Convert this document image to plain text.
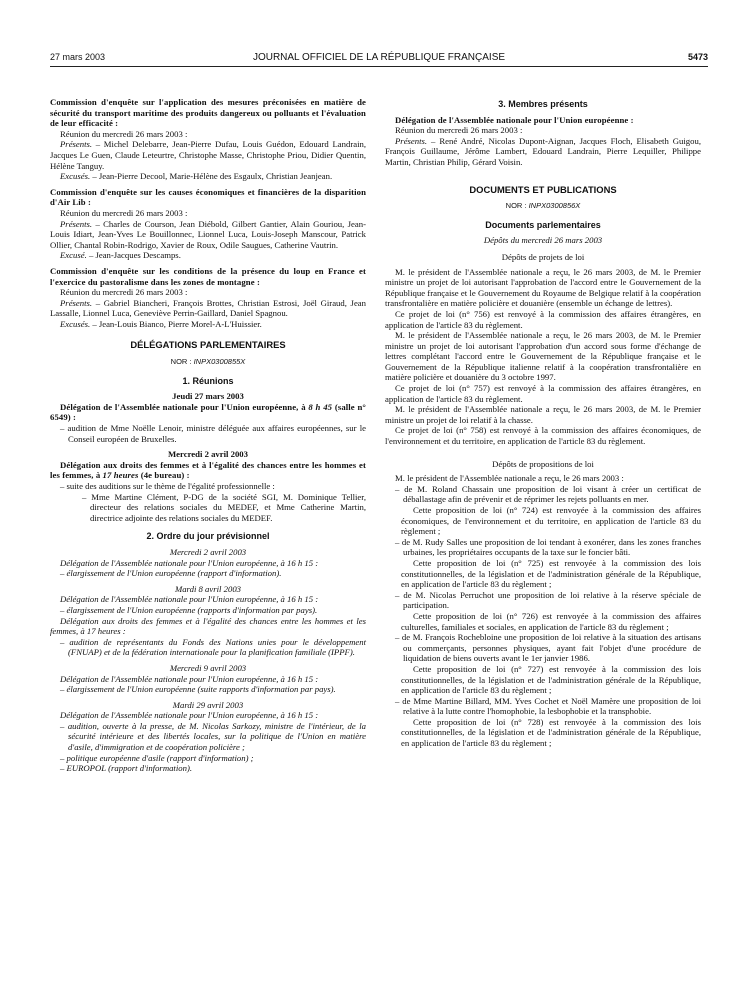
27 mars 2003	JOURNAL OFFICIEL DE LA RÉPUBLIQUE FRANÇAISE	5473

Commission d'enquête sur l'application des mesures préconisées en matière de sécurité du transport maritime des produits dangereux ou polluants et l'évaluation de leur efficacité :

Réunion du mercredi 26 mars 2003 :

Présents. – Michel Delebarre, Jean-Pierre Dufau, Louis Guédon, Edouard Landrain, Jacques Le Guen, Claude Leteurtre, Christophe Masse, Christophe Priou, Didier Quentin, Hélène Tanguy.

Excusés. – Jean-Pierre Decool, Marie-Hélène des Esgaulx, Christian Jeanjean.

Commission d'enquête sur les causes économiques et financières de la disparition d'Air Lib :

Réunion du mercredi 26 mars 2003 :

Présents. – Charles de Courson, Jean Diébold, Gilbert Gantier, Alain Gouriou, Jean-Louis Idiart, Jean-Yves Le Bouillonnec, Lionnel Luca, Louis-Joseph Manscour, Patrick Ollier, Chantal Robin-Rodrigo, Xavier de Roux, Odile Saugues, Catherine Vautrin.

Excusé. – Jean-Jacques Descamps.

Commission d'enquête sur les conditions de la présence du loup en France et l'exercice du pastoralisme dans les zones de montagne :

Réunion du mercredi 26 mars 2003 :

Présents. – Gabriel Biancheri, François Brottes, Christian Estrosi, Joël Giraud, Jean Lassalle, Lionnel Luca, Geneviève Perrin-Gaillard, Daniel Spagnou.

Excusés. – Jean-Louis Bianco, Pierre Morel-A-L'Huissier.

DÉLÉGATIONS PARLEMENTAIRES

NOR : INPX0300855X

1. Réunions

Jeudi 27 mars 2003

Délégation de l'Assemblée nationale pour l'Union européenne, à 8 h 45 (salle n° 6549) :

– audition de Mme Noëlle Lenoir, ministre déléguée aux affaires européennes, sur le Conseil européen de Bruxelles.

Mercredi 2 avril 2003

Délégation aux droits des femmes et à l'égalité des chances entre les hommes et les femmes, à 17 heures (4e bureau) :

– suite des auditions sur le thème de l'égalité professionnelle :

– Mme Martine Clément, P-DG de la société SGI, M. Dominique Tellier, directeur des relations sociales du MEDEF, et Mme Catherine Martin, directrice adjointe des relations sociales du MEDEF.

2. Ordre du jour prévisionnel

Mercredi 2 avril 2003

Délégation de l'Assemblée nationale pour l'Union européenne, à 16 h 15 :

– élargissement de l'Union européenne (rapport d'information).

Mardi 8 avril 2003

Délégation de l'Assemblée nationale pour l'Union européenne, à 16 h 15 :

– élargissement de l'Union européenne (rapports d'information par pays).

Délégation aux droits des femmes et à l'égalité des chances entre les hommes et les femmes, à 17 heures :

– audition de représentants du Fonds des Nations unies pour le développement (FNUAP) et de la fédération internationale pour la planification familiale (IPPF).

Mercredi 9 avril 2003

Délégation de l'Assemblée nationale pour l'Union européenne, à 16 h 15 :

– élargissement de l'Union européenne (suite rapports d'information par pays).

Mardi 29 avril 2003

Délégation de l'Assemblée nationale pour l'Union européenne, à 16 h 15 :

– audition, ouverte à la presse, de M. Nicolas Sarkozy, ministre de l'intérieur, de la sécurité intérieure et des libertés locales, sur la politique de l'Union en matière d'asile, d'immigration et de coopération policière ;

– politique européenne d'asile (rapport d'information) ;

– EUROPOL (rapport d'information).

3. Membres présents

Délégation de l'Assemblée nationale pour l'Union européenne :

Réunion du mercredi 26 mars 2003 :

Présents. – René André, Nicolas Dupont-Aignan, Jacques Floch, Elisabeth Guigou, François Guillaume, Jérôme Lambert, Edouard Landrain, Pierre Lequiller, Philippe Martin, Christian Philip, Gérard Voisin.

DOCUMENTS ET PUBLICATIONS

NOR : INPX0300856X

Documents parlementaires

Dépôts du mercredi 26 mars 2003

Dépôts de projets de loi

M. le président de l'Assemblée nationale a reçu, le 26 mars 2003, de M. le Premier ministre un projet de loi autorisant l'approbation de l'accord entre le Gouvernement de la République française et le Gouvernement du Royaume de Belgique relatif à la coopération transfrontalière en matière policière et douanière (ensemble un échange de lettres).

Ce projet de loi (n° 756) est renvoyé à la commission des affaires étrangères, en application de l'article 83 du règlement.

M. le président de l'Assemblée nationale a reçu, le 26 mars 2003, de M. le Premier ministre un projet de loi autorisant l'approbation d'un accord sous forme d'échange de lettres complétant l'accord entre le Gouvernement de la République française et le Gouvernement de la République italienne relatif à la coopération transfrontalière en matière policière et douanière du 3 octobre 1997.

Ce projet de loi (n° 757) est renvoyé à la commission des affaires étrangères, en application de l'article 83 du règlement.

M. le président de l'Assemblée nationale a reçu, le 26 mars 2003, de M. le Premier ministre un projet de loi relatif à la chasse.

Ce projet de loi (n° 758) est renvoyé à la commission des affaires économiques, de l'environnement et du territoire, en application de l'article 83 du règlement.

Dépôts de propositions de loi

M. le président de l'Assemblée nationale a reçu, le 26 mars 2003 :

– de M. Roland Chassain une proposition de loi visant à créer un certificat de déballastage afin de prévenir et de réprimer les rejets polluants en mer.

Cette proposition de loi (n° 724) est renvoyée à la commission des affaires économiques, de l'environnement et du territoire, en application de l'article 83 du règlement ;

– de M. Rudy Salles une proposition de loi tendant à exonérer, dans les zones franches urbaines, les propriétaires occupants de la taxe sur le foncier bâti.

Cette proposition de loi (n° 725) est renvoyée à la commission des lois constitutionnelles, de la législation et de l'administration générale de la République, en application de l'article 83 du règlement ;

– de M. Nicolas Perruchot une proposition de loi relative à la réserve spéciale de participation.

Cette proposition de loi (n° 726) est renvoyée à la commission des affaires culturelles, familiales et sociales, en application de l'article 83 du règlement ;

– de M. François Rochebloine une proposition de loi relative à la situation des artisans ou commerçants, personnes physiques, ayant fait l'objet d'une procédure de liquidation de biens ouverts avant le 1er janvier 1986.

Cette proposition de loi (n° 727) est renvoyée à la commission des lois constitutionnelles, de la législation et de l'administration générale de la République, en application de l'article 83 du règlement ;

– de Mme Martine Billard, MM. Yves Cochet et Noël Mamère une proposition de loi relative à la lutte contre l'homophobie, la lesbophobie et la transphobie.

Cette proposition de loi (n° 728) est renvoyée à la commission des lois constitutionnelles, de la législation et de l'administration générale de la République, en application de l'article 83 du règlement ;
